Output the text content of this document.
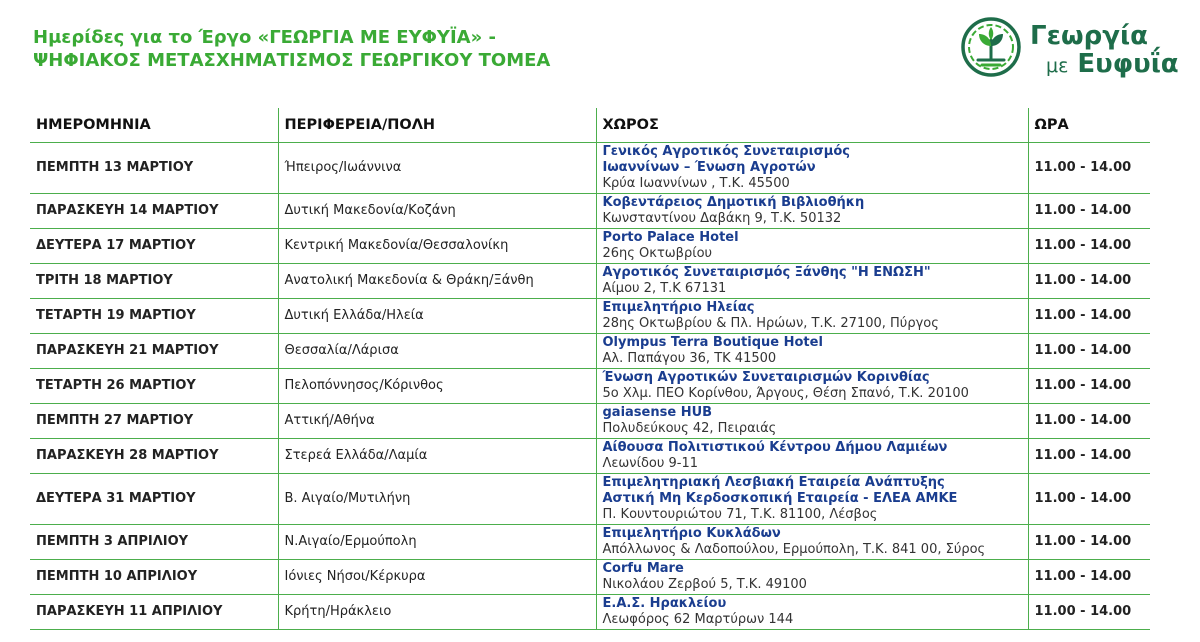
Ημερίδες για το Έργο «ΓΕΩΡΓΙΑ ΜΕ ΕΥΦΥΪΑ» -
ΨΗΦΙΑΚΟΣ ΜΕΤΑΣΧΗΜΑΤΙΣΜΟΣ ΓΕΩΡΓΙΚΟΥ ΤΟΜΕΑ
Γεωργία
με Ευφυΐα
ΗΜΕΡΟΜΗΝΙΑ	ΠΕΡΙΦΕΡΕΙΑ/ΠΟΛΗ	ΧΩΡΟΣ	ΩΡΑ
ΠΕΜΠΤΗ 13 ΜΑΡΤΙΟΥ	Ήπειρος/Ιωάννινα	Γενικός Αγροτικός Συνεταιρισμός
Ιωαννίνων – Ένωση Αγροτών
Κρύα Ιωαννίνων , Τ.Κ. 45500	11.00 - 14.00
ΠΑΡΑΣΚΕΥΗ 14 ΜΑΡΤΙΟΥ	Δυτική Μακεδονία/Κοζάνη	Κοβεντάρειος Δημοτική Βιβλιοθήκη
Κωνσταντίνου Δαβάκη 9, Τ.Κ. 50132	11.00 - 14.00
ΔΕΥΤΕΡΑ 17 ΜΑΡΤΙΟΥ	Κεντρική Μακεδονία/Θεσσαλονίκη	Porto Palace Hotel
26ης Οκτωβρίου	11.00 - 14.00
ΤΡΙΤΗ 18 ΜΑΡΤΙΟΥ	Ανατολική Μακεδονία & Θράκη/Ξάνθη	Αγροτικός Συνεταιρισμός Ξάνθης "Η ΕΝΩΣΗ"
Αίμου 2, Τ.Κ 67131	11.00 - 14.00
ΤΕΤΑΡΤΗ 19 ΜΑΡΤΙΟΥ	Δυτική Ελλάδα/Ηλεία	Επιμελητήριο Ηλείας
28ης Οκτωβρίου & Πλ. Ηρώων, Τ.Κ. 27100, Πύργος	11.00 - 14.00
ΠΑΡΑΣΚΕΥΗ 21 ΜΑΡΤΙΟΥ	Θεσσαλία/Λάρισα	Olympus Terra Boutique Hotel
Αλ. Παπάγου 36, ΤΚ 41500	11.00 - 14.00
ΤΕΤΑΡΤΗ 26 ΜΑΡΤΙΟΥ	Πελοπόννησος/Κόρινθος	Ένωση Αγροτικών Συνεταιρισμών Κορινθίας
5ο Χλμ. ΠΕΟ Κορίνθου, Άργους, Θέση Σπανό, Τ.Κ. 20100	11.00 - 14.00
ΠΕΜΠΤΗ 27 ΜΑΡΤΙΟΥ	Αττική/Αθήνα	gaiasense HUB
Πολυδεύκους 42, Πειραιάς	11.00 - 14.00
ΠΑΡΑΣΚΕΥΗ 28 ΜΑΡΤΙΟΥ	Στερεά Ελλάδα/Λαμία	Αίθουσα Πολιτιστικού Κέντρου Δήμου Λαμιέων
Λεωνίδου 9-11	11.00 - 14.00
ΔΕΥΤΕΡΑ 31 ΜΑΡΤΙΟΥ	Β. Αιγαίο/Μυτιλήνη	Επιμελητηριακή Λεσβιακή Εταιρεία Ανάπτυξης
Αστική Μη Κερδοσκοπική Εταιρεία - ΕΛΕΑ ΑΜΚΕ
Π. Κουντουριώτου 71, Τ.Κ. 81100, Λέσβος	11.00 - 14.00
ΠΕΜΠΤΗ 3 ΑΠΡΙΛΙΟΥ	Ν.Αιγαίο/Ερμούπολη	Επιμελητήριο Κυκλάδων
Απόλλωνος & Λαδοπούλου, Ερμούπολη, Τ.Κ. 841 00, Σύρος	11.00 - 14.00
ΠΕΜΠΤΗ 10 ΑΠΡΙΛΙΟΥ	Ιόνιες Νήσοι/Κέρκυρα	Corfu Mare
Νικολάου Ζερβού 5, Τ.Κ. 49100	11.00 - 14.00
ΠΑΡΑΣΚΕΥΗ 11 ΑΠΡΙΛΙΟΥ	Κρήτη/Ηράκλειο	Ε.Α.Σ. Ηρακλείου
Λεωφόρος 62 Μαρτύρων 144	11.00 - 14.00
